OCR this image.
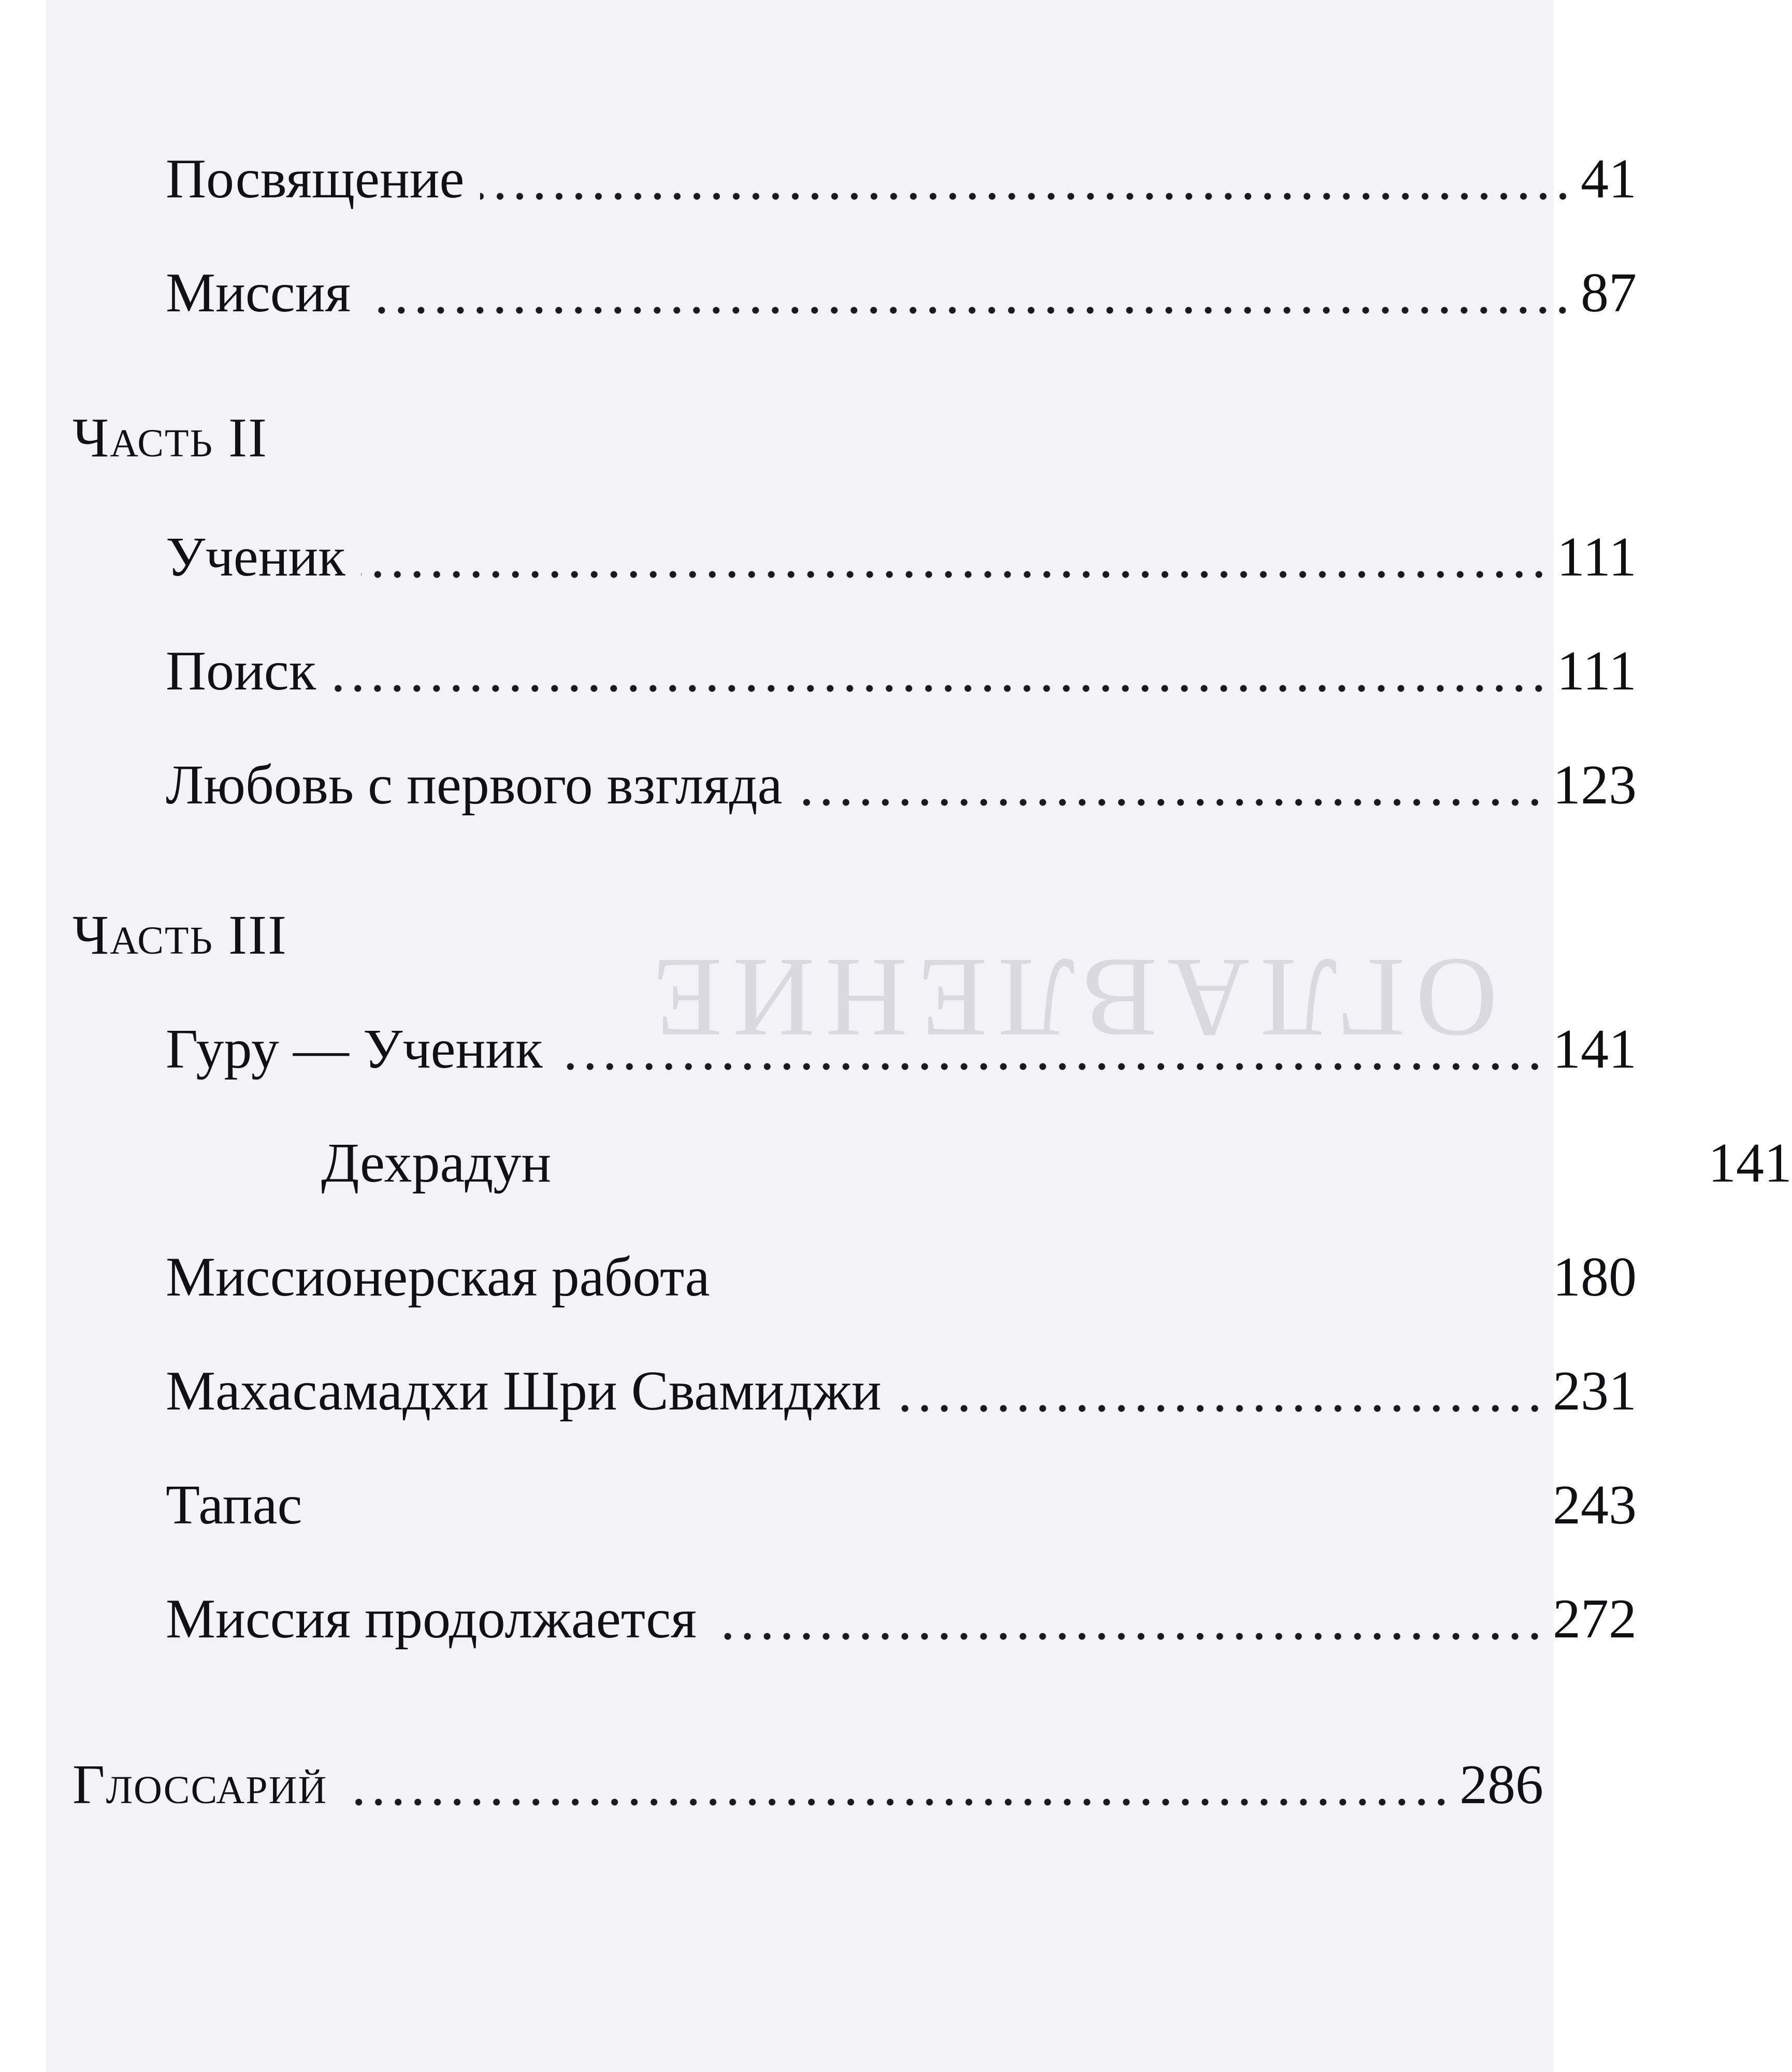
ОГЛАВЛЕНИЕ
Посвящение	41
Миссия	87
Часть II
Ученик	111
Поиск	111
Любовь с первого взгляда	123
Часть III
Гуру — Ученик	141
Дехрадун	141
Миссионерская работа	180
Махасамадхи Шри Свамиджи	231
Тапас	243
Миссия продолжается	272
Глоссарий	286
